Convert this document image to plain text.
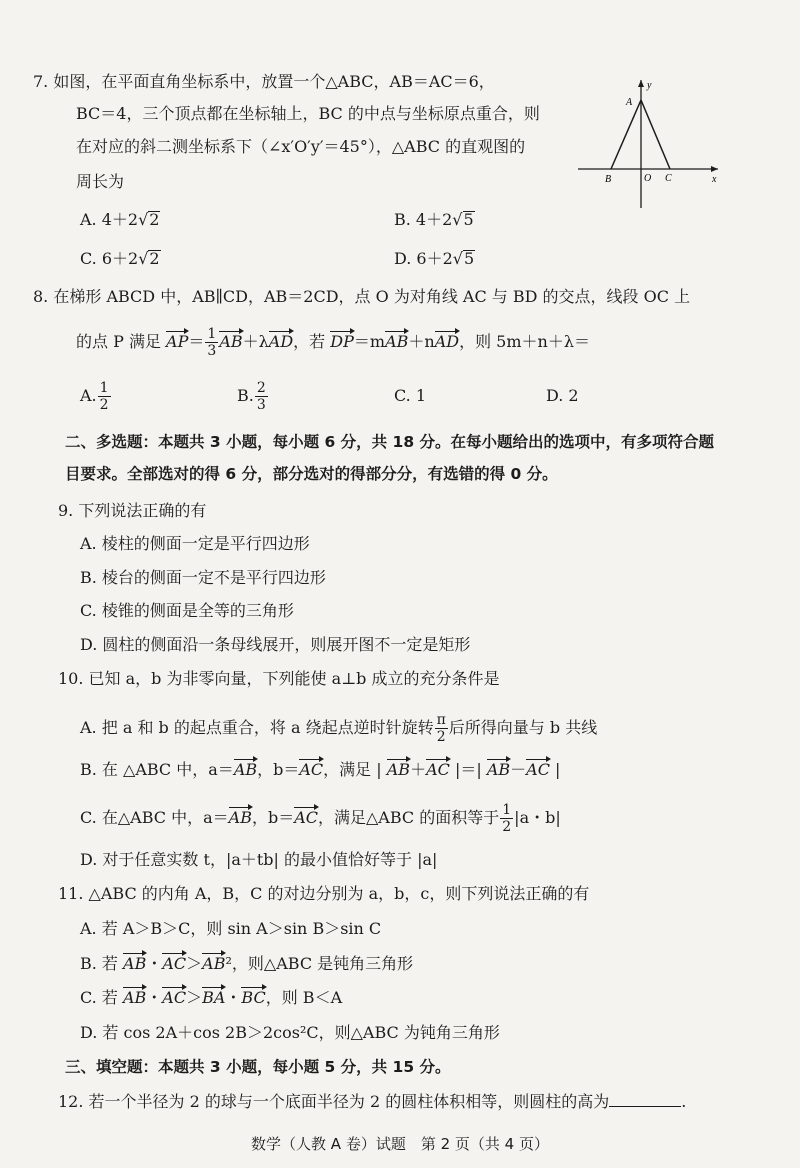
7. 如图，在平面直角坐标系中，放置一个△ABC，AB＝AC＝6，
BC＝4，三个顶点都在坐标轴上，BC 的中点与坐标原点重合，则
在对应的斜二测坐标系下（∠x′O′y′＝45°），△ABC 的直观图的
周长为
A. 4＋2√2	B. 4＋2√5
C. 6＋2√2	D. 6＋2√5
A
y
B	O C	x
8. 在梯形 ABCD 中，AB∥CD，AB＝2CD，点 O 为对角线 AC 与 BD 的交点，线段 OC 上
的点 P 满足 $AP= \frac{1}{3} AB+\lambda AD$，若 DP＝mAB＋nAD，则 5m＋n＋λ＝
A. $\frac{1}{2}$	B. $\frac{2}{3}$	C. 1	D. 2
二、多选题：本题共 3 小题，每小题 6 分，共 18 分。在每小题给出的选项中，有多项符合题
目要求。全部选对的得 6 分，部分选对的得部分分，有选错的得 0 分。
9. 下列说法正确的有
A. 棱柱的侧面一定是平行四边形
B. 棱台的侧面一定不是平行四边形
C. 棱锥的侧面是全等的三角形
D. 圆柱的侧面沿一条母线展开，则展开图不一定是矩形
10. 已知 a，b 为非零向量，下列能使 a⊥b 成立的充分条件是
A. 把 a 和 b 的起点重合，将 a 绕起点逆时针旋转 $\frac{\pi}{2}$ 后所得向量与 b 共线
B. 在 △ABC 中，a＝AB，b＝AC，满足 | AB＋AC |＝| AB－AC |
C. 在△ABC 中，a＝AB，b＝AC，满足△ABC 的面积等于 $\frac{1}{2} |a$・b|
D. 对于任意实数 t，|a＋tb| 的最小值恰好等于 |a|
11. △ABC 的内角 A，B，C 的对边分别为 a，b，c，则下列说法正确的有
A. 若 A＞B＞C，则 sin A＞sin B＞sin C
B. 若 AB・AC＞AB²，则△ABC 是钝角三角形
C. 若 AB・AC＞BA・BC，则 B＜A
D. 若 cos 2A＋cos 2B＞2cos²C，则△ABC 为钝角三角形
三、填空题：本题共 3 小题，每小题 5 分，共 15 分。
12. 若一个半径为 2 的球与一个底面半径为 2 的圆柱体积相等，则圆柱的高为	.
数学（人教 A 卷）试题　第 2 页（共 4 页）
